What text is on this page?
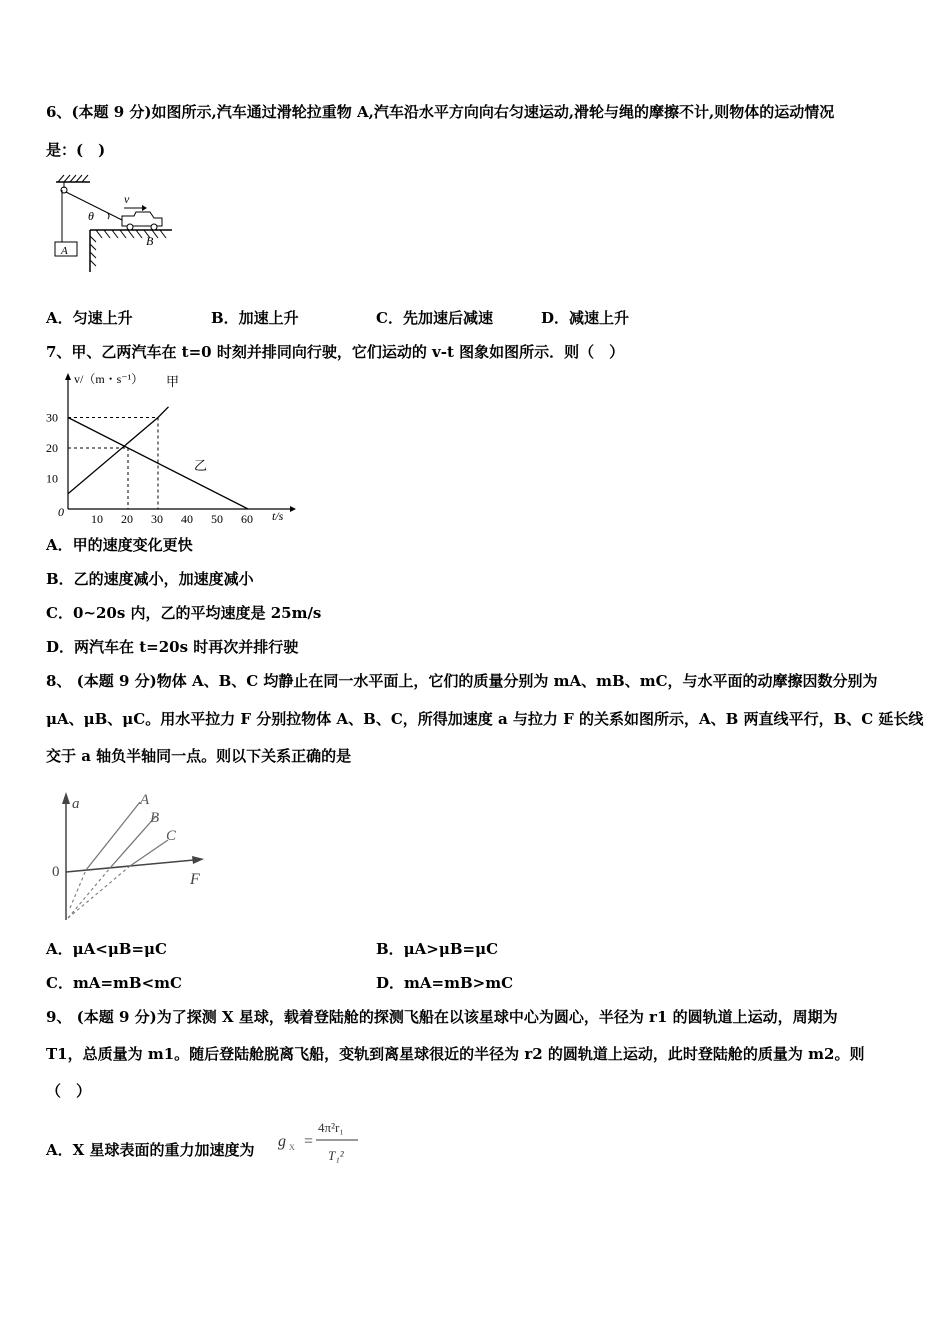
6、(本题 9 分)如图所示,汽车通过滑轮拉重物 A,汽车沿水平方向向右匀速运动,滑轮与绳的摩擦不计,则物体的运动情况
是：(　)
A
v
θ
B
A．匀速上升	B．加速上升	C．先加速后减速	D．减速上升
7、甲、乙两汽车在 t=0 时刻并排同向行驶，它们运动的 v-t 图象如图所示．则（　）
v/（m・s⁻¹）
t/s
0 10 20 30 40 50 60
10
20
30
甲
乙
A．甲的速度变化更快
B．乙的速度减小，加速度减小
C．0~20s 内，乙的平均速度是 25m/s
D．两汽车在 t=20s 时再次并排行驶
8、 (本题 9 分)物体 A、B、C 均静止在同一水平面上，它们的质量分别为 mA、mB、mC，与水平面的动摩擦因数分别为
μA、μB、μC。用水平拉力 F 分别拉物体 A、B、C，所得加速度 a 与拉力 F 的关系如图所示，A、B 两直线平行，B、C 延长线
交于 a 轴负半轴同一点。则以下关系正确的是
a
F
0
A
B
C
A．μA<μB=μC	B．μA>μB=μC
C．mA=mB<mC	D．mA=mB>mC
9、 (本题 9 分)为了探测 X 星球，载着登陆舱的探测飞船在以该星球中心为圆心，半径为 r1 的圆轨道上运动，周期为
T1，总质量为 m1。随后登陆舱脱离飞船，变轨到离星球很近的半径为 r2 的圆轨道上运动，此时登陆舱的质量为 m2。则
（　）
A．X 星球表面的重力加速度为 g X =
4π²r₁
T₁²
